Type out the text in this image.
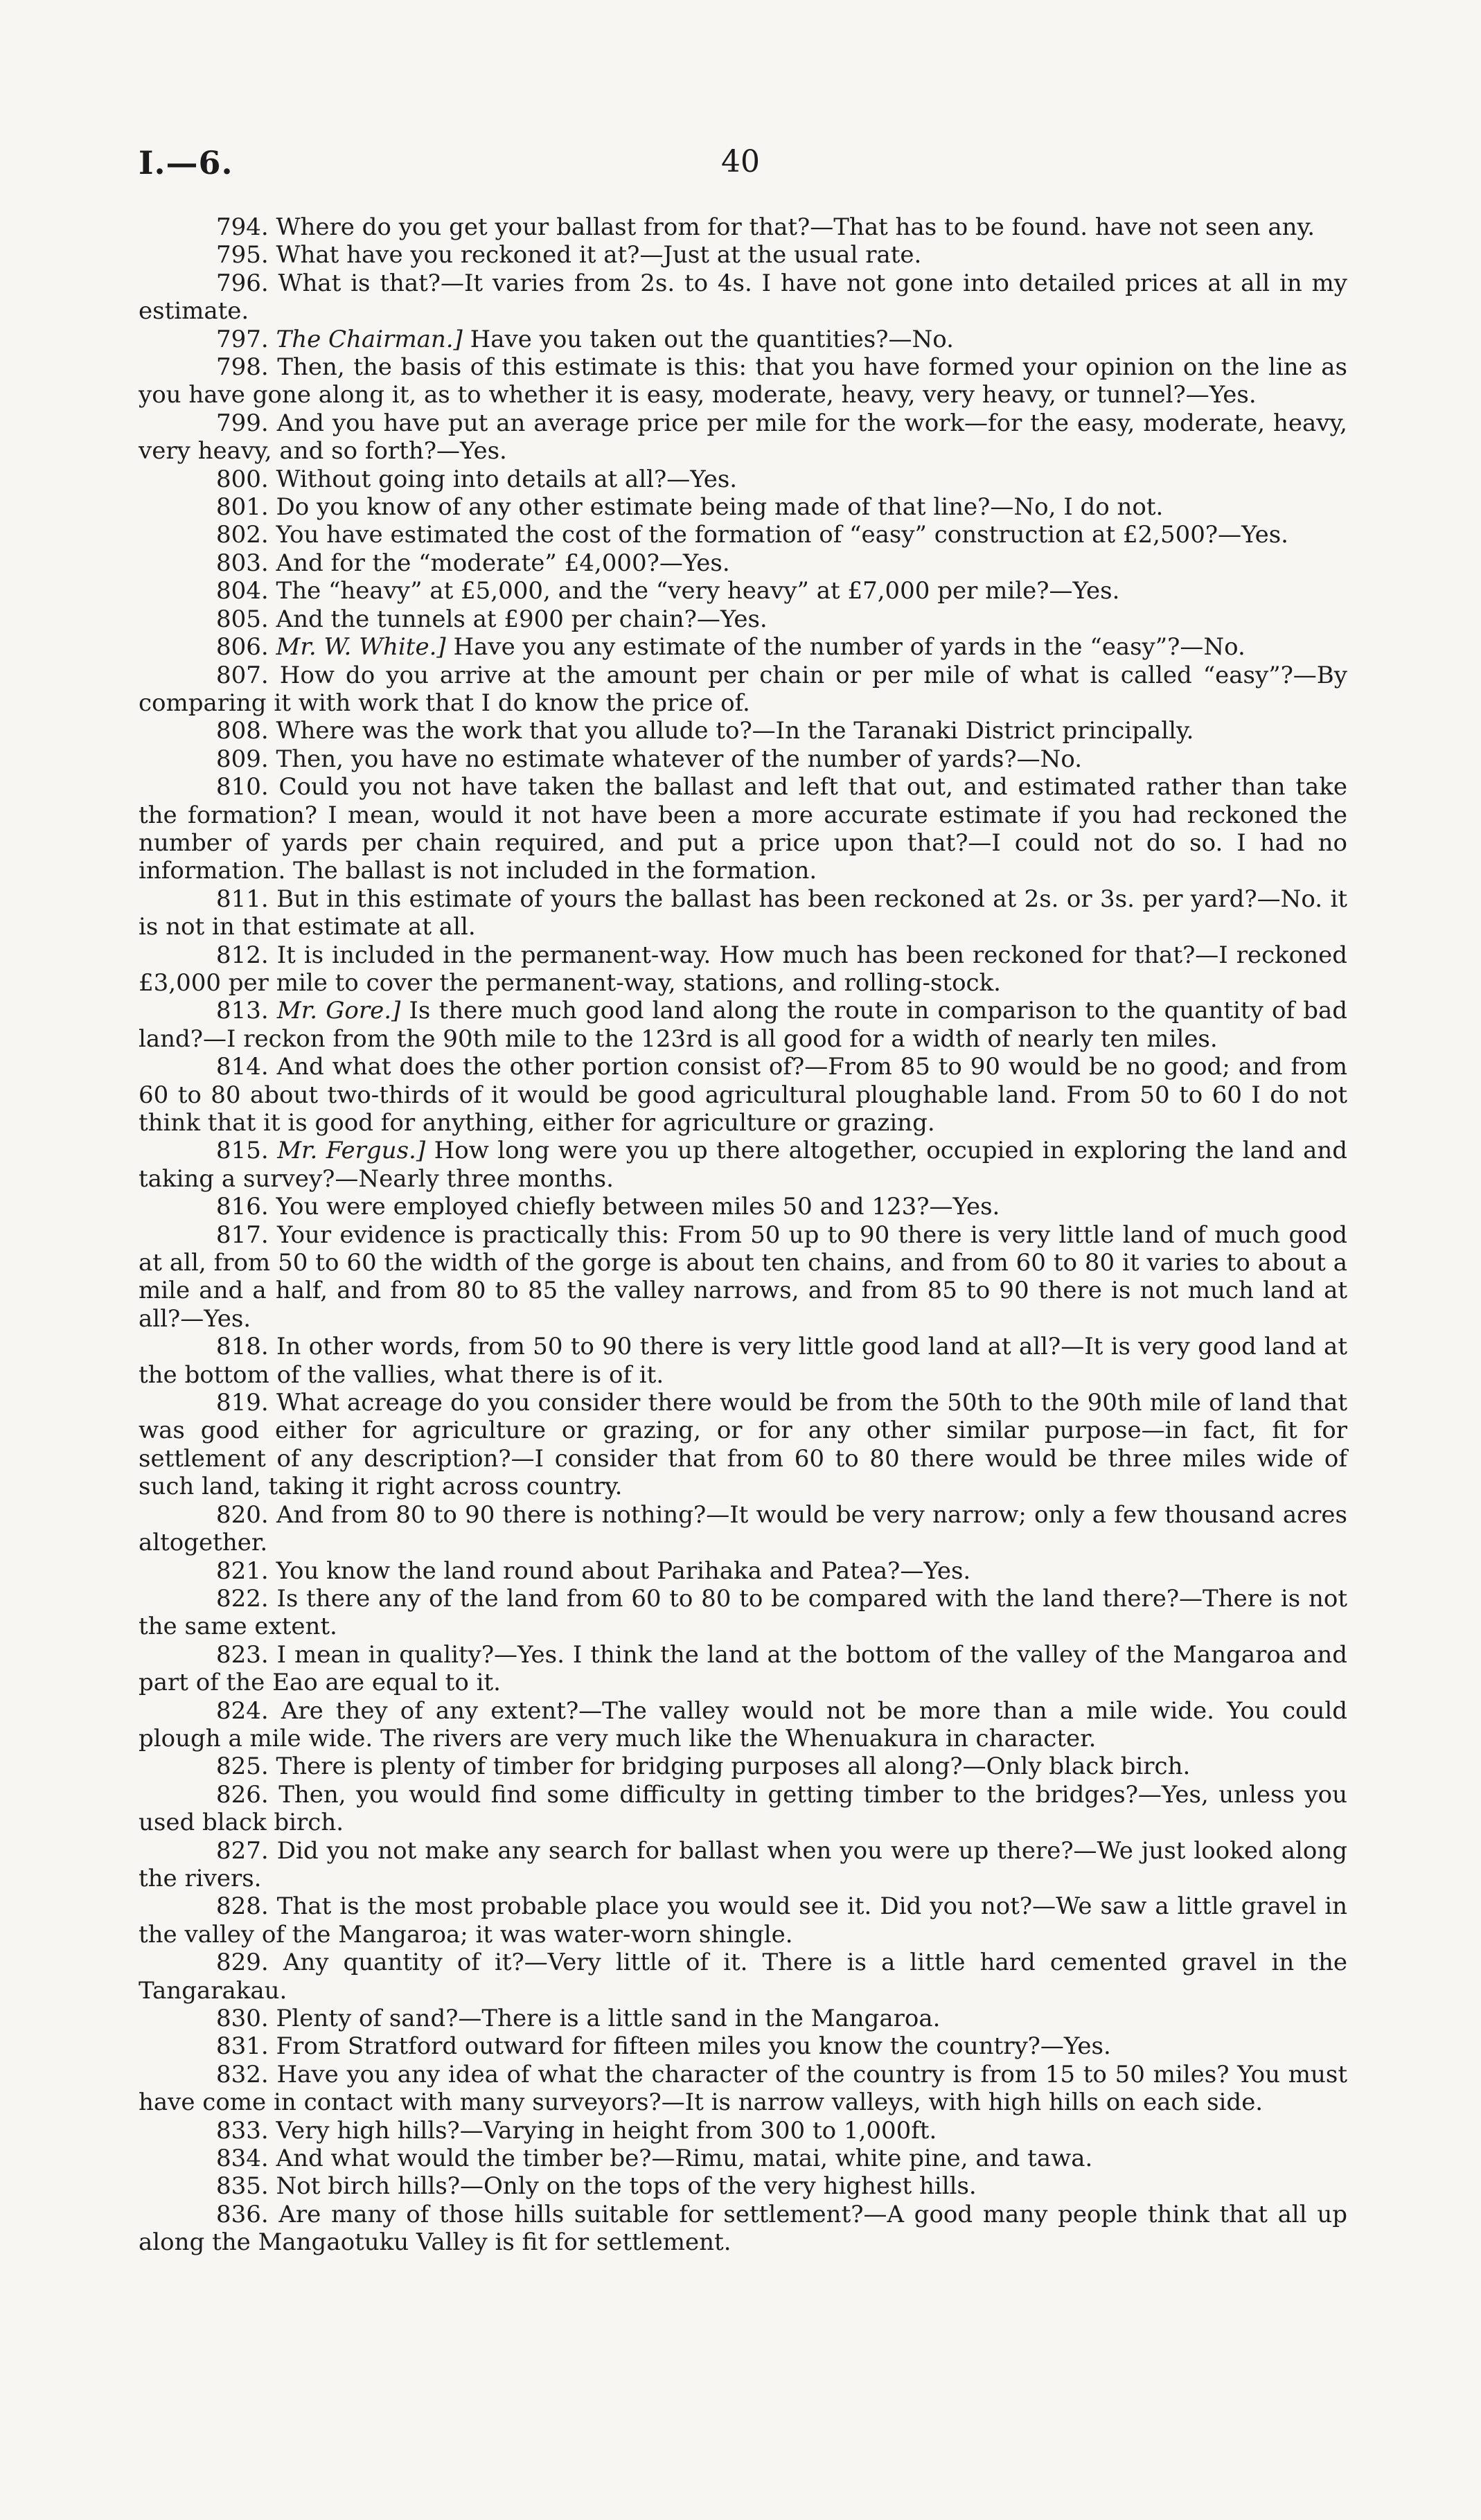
I.—6.	40

794. Where do you get your ballast from for that?—That has to be found. have not seen any.

795. What have you reckoned it at?—Just at the usual rate.

796. What is that?—It varies from 2s. to 4s. I have not gone into detailed prices at all in my estimate.

797. The Chairman.] Have you taken out the quantities?—No.

798. Then, the basis of this estimate is this: that you have formed your opinion on the line as you have gone along it, as to whether it is easy, moderate, heavy, very heavy, or tunnel?—Yes.

799. And you have put an average price per mile for the work—for the easy, moderate, heavy, very heavy, and so forth?—Yes.

800. Without going into details at all?—Yes.

801. Do you know of any other estimate being made of that line?—No, I do not.

802. You have estimated the cost of the formation of “easy” construction at £2,500?—Yes.

803. And for the “moderate” £4,000?—Yes.

804. The “heavy” at £5,000, and the “very heavy” at £7,000 per mile?—Yes.

805. And the tunnels at £900 per chain?—Yes.

806. Mr. W. White.] Have you any estimate of the number of yards in the “easy”?—No.

807. How do you arrive at the amount per chain or per mile of what is called “easy”?—By comparing it with work that I do know the price of.

808. Where was the work that you allude to?—In the Taranaki District principally.

809. Then, you have no estimate whatever of the number of yards?—No.

810. Could you not have taken the ballast and left that out, and estimated rather than take the formation? I mean, would it not have been a more accurate estimate if you had reckoned the number of yards per chain required, and put a price upon that?—I could not do so. I had no information. The ballast is not included in the formation.

811. But in this estimate of yours the ballast has been reckoned at 2s. or 3s. per yard?—No. it is not in that estimate at all.

812. It is included in the permanent-way. How much has been reckoned for that?—I reckoned £3,000 per mile to cover the permanent-way, stations, and rolling-stock.

813. Mr. Gore.] Is there much good land along the route in comparison to the quantity of bad land?—I reckon from the 90th mile to the 123rd is all good for a width of nearly ten miles.

814. And what does the other portion consist of?—From 85 to 90 would be no good; and from 60 to 80 about two-thirds of it would be good agricultural ploughable land. From 50 to 60 I do not think that it is good for anything, either for agriculture or grazing.

815. Mr. Fergus.] How long were you up there altogether, occupied in exploring the land and taking a survey?—Nearly three months.

816. You were employed chiefly between miles 50 and 123?—Yes.

817. Your evidence is practically this: From 50 up to 90 there is very little land of much good at all, from 50 to 60 the width of the gorge is about ten chains, and from 60 to 80 it varies to about a mile and a half, and from 80 to 85 the valley narrows, and from 85 to 90 there is not much land at all?—Yes.

818. In other words, from 50 to 90 there is very little good land at all?—It is very good land at the bottom of the vallies, what there is of it.

819. What acreage do you consider there would be from the 50th to the 90th mile of land that was good either for agriculture or grazing, or for any other similar purpose—in fact, fit for settlement of any description?—I consider that from 60 to 80 there would be three miles wide of such land, taking it right across country.

820. And from 80 to 90 there is nothing?—It would be very narrow; only a few thousand acres altogether.

821. You know the land round about Parihaka and Patea?—Yes.

822. Is there any of the land from 60 to 80 to be compared with the land there?—There is not the same extent.

823. I mean in quality?—Yes. I think the land at the bottom of the valley of the Mangaroa and part of the Eao are equal to it.

824. Are they of any extent?—The valley would not be more than a mile wide. You could plough a mile wide. The rivers are very much like the Whenuakura in character.

825. There is plenty of timber for bridging purposes all along?—Only black birch.

826. Then, you would find some difficulty in getting timber to the bridges?—Yes, unless you used black birch.

827. Did you not make any search for ballast when you were up there?—We just looked along the rivers.

828. That is the most probable place you would see it. Did you not?—We saw a little gravel in the valley of the Mangaroa; it was water-worn shingle.

829. Any quantity of it?—Very little of it. There is a little hard cemented gravel in the Tangarakau.

830. Plenty of sand?—There is a little sand in the Mangaroa.

831. From Stratford outward for fifteen miles you know the country?—Yes.

832. Have you any idea of what the character of the country is from 15 to 50 miles? You must have come in contact with many surveyors?—It is narrow valleys, with high hills on each side.

833. Very high hills?—Varying in height from 300 to 1,000ft.

834. And what would the timber be?—Rimu, matai, white pine, and tawa.

835. Not birch hills?—Only on the tops of the very highest hills.

836. Are many of those hills suitable for settlement?—A good many people think that all up along the Mangaotuku Valley is fit for settlement.
